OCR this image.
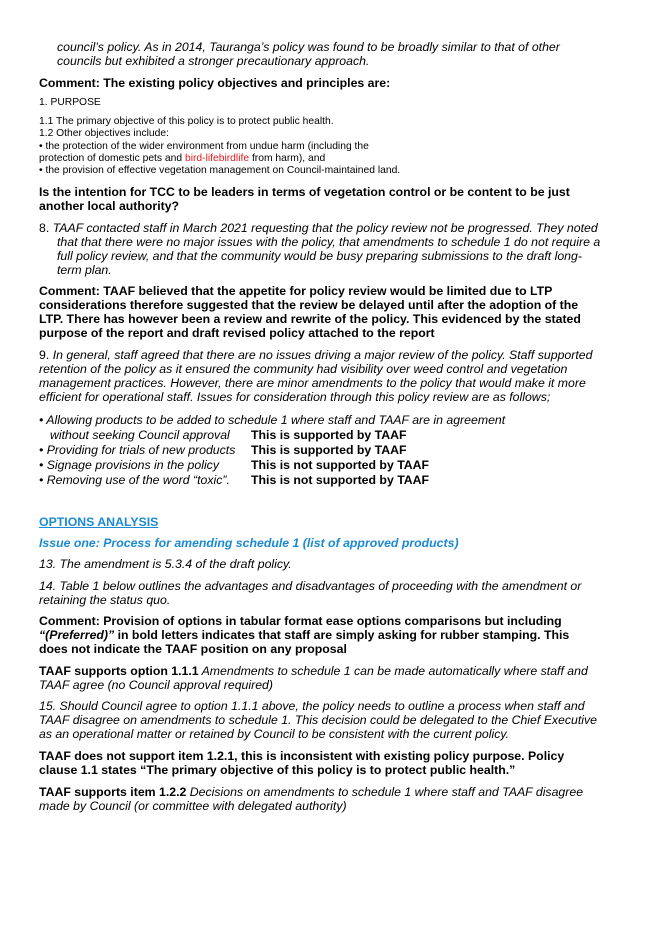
council’s policy. As in 2014, Tauranga’s policy was found to be broadly similar to that of other
councils but exhibited a stronger precautionary approach.
Comment: The existing policy objectives and principles are:
1. PURPOSE
1.1 The primary objective of this policy is to protect public health.
1.2 Other objectives include:
• the protection of the wider environment from undue harm (including the
protection of domestic pets and bird-lifebirdlife from harm), and
• the provision of effective vegetation management on Council-maintained land.
Is the intention for TCC to be leaders in terms of vegetation control or be content to be just
another local authority?
8. TAAF contacted staff in March 2021 requesting that the policy review not be progressed. They noted
that that there were no major issues with the policy, that amendments to schedule 1 do not require a
full policy review, and that the community would be busy preparing submissions to the draft long-
term plan.
Comment: TAAF believed that the appetite for policy review would be limited due to LTP
considerations therefore suggested that the review be delayed until after the adoption of the
LTP. There has however been a review and rewrite of the policy. This evidenced by the stated
purpose of the report and draft revised policy attached to the report
9. In general, staff agreed that there are no issues driving a major review of the policy. Staff supported
retention of the policy as it ensured the community had visibility over weed control and vegetation
management practices. However, there are minor amendments to the policy that would make it more
efficient for operational staff. Issues for consideration through this policy review are as follows;
• Allowing products to be added to schedule 1 where staff and TAAF are in agreement
without seeking Council approval This is supported by TAAF
• Providing for trials of new products This is supported by TAAF
• Signage provisions in the policy	This is not supported by TAAF
• Removing use of the word “toxic”. This is not supported by TAAF
OPTIONS ANALYSIS
Issue one: Process for amending schedule 1 (list of approved products)
13. The amendment is 5.3.4 of the draft policy.
14. Table 1 below outlines the advantages and disadvantages of proceeding with the amendment or
retaining the status quo.
Comment: Provision of options in tabular format ease options comparisons but including
“(Preferred)” in bold letters indicates that staff are simply asking for rubber stamping. This
does not indicate the TAAF position on any proposal
TAAF supports option 1.1.1 Amendments to schedule 1 can be made automatically where staff and
TAAF agree (no Council approval required)
15. Should Council agree to option 1.1.1 above, the policy needs to outline a process when staff and
TAAF disagree on amendments to schedule 1. This decision could be delegated to the Chief Executive
as an operational matter or retained by Council to be consistent with the current policy.
TAAF does not support item 1.2.1, this is inconsistent with existing policy purpose. Policy
clause 1.1 states “The primary objective of this policy is to protect public health.”
TAAF supports item 1.2.2 Decisions on amendments to schedule 1 where staff and TAAF disagree
made by Council (or committee with delegated authority)
